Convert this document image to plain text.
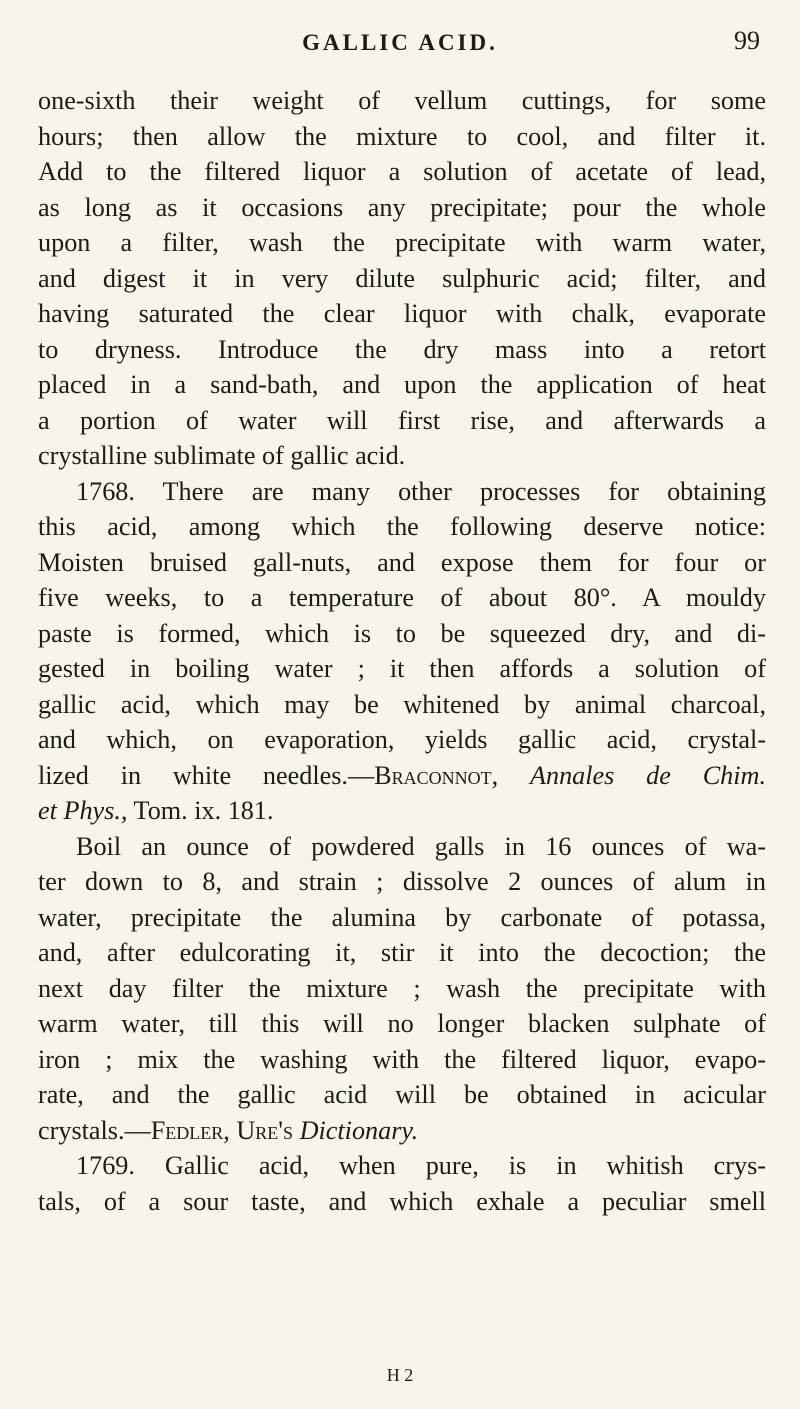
GALLIC ACID.	99
one-sixth their weight of vellum cuttings, for some
hours; then allow the mixture to cool, and filter it.
Add to the filtered liquor a solution of acetate of lead,
as long as it occasions any precipitate; pour the whole
upon a filter, wash the precipitate with warm water,
and digest it in very dilute sulphuric acid; filter, and
having saturated the clear liquor with chalk, evaporate
to dryness. Introduce the dry mass into a retort
placed in a sand-bath, and upon the application of heat
a portion of water will first rise, and afterwards a
crystalline sublimate of gallic acid.
1768. There are many other processes for obtaining
this acid, among which the following deserve notice:
Moisten bruised gall-nuts, and expose them for four or
five weeks, to a temperature of about 80°. A mouldy
paste is formed, which is to be squeezed dry, and di-
gested in boiling water ; it then affords a solution of
gallic acid, which may be whitened by animal charcoal,
and which, on evaporation, yields gallic acid, crystal-
lized in white needles.—Braconnot, Annales de Chim.
et Phys., Tom. ix. 181.
Boil an ounce of powdered galls in 16 ounces of wa-
ter down to 8, and strain ; dissolve 2 ounces of alum in
water, precipitate the alumina by carbonate of potassa,
and, after edulcorating it, stir it into the decoction; the
next day filter the mixture ; wash the precipitate with
warm water, till this will no longer blacken sulphate of
iron ; mix the washing with the filtered liquor, evapo-
rate, and the gallic acid will be obtained in acicular
crystals.—Fedler, Ure's Dictionary.
1769. Gallic acid, when pure, is in whitish crys-
tals, of a sour taste, and which exhale a peculiar smell
H 2
